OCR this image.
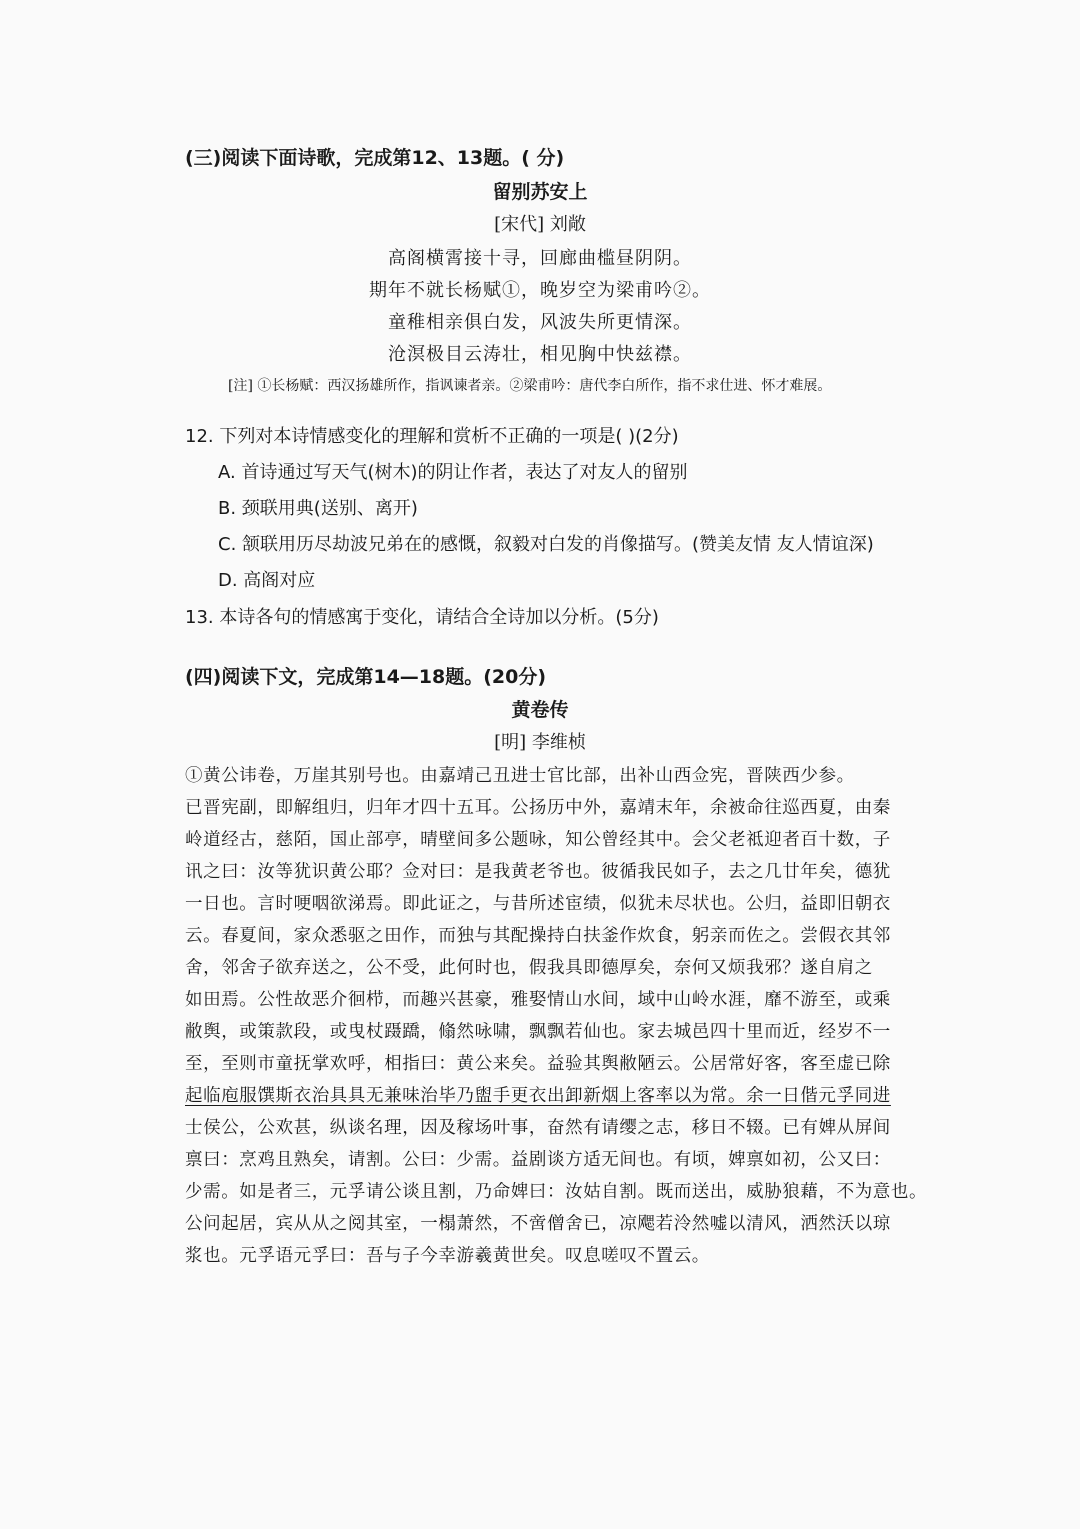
(三)阅读下面诗歌，完成第12、13题。( 分)
留别苏安上
[宋代] 刘敞
高阁横霄接十寻，回廊曲槛昼阴阴。
期年不就长杨赋①，晚岁空为梁甫吟②。
童稚相亲俱白发，风波失所更情深。
沧溟极目云涛壮，相见胸中快兹襟。
[注] ①长杨赋：西汉扬雄所作，指讽谏者亲。②梁甫吟：唐代李白所作，指不求仕进、怀才难展。
12. 下列对本诗情感变化的理解和赏析不正确的一项是( )(2分)
A. 首诗通过写天气(树木)的阴让作者，表达了对友人的留别
B. 颈联用典(送别、离开)
C. 颔联用历尽劫波兄弟在的感慨，叙毅对白发的肖像描写。(赞美友情 友人情谊深)
D. 高阁对应
13. 本诗各句的情感寓于变化，请结合全诗加以分析。(5分)
(四)阅读下文，完成第14—18题。(20分)
黄卷传
[明] 李维桢
①黄公讳卷，万崖其别号也。由嘉靖己丑进士官比部，出补山西佥宪，晋陕西少参。
已晋宪副，即解组归，归年才四十五耳。公扬历中外，嘉靖末年，余被命往巡西夏，由秦
岭道经古，慈陌，国止部亭，晴壁间多公题咏，知公曾经其中。会父老祗迎者百十数，子
讯之曰：汝等犹识黄公耶？佥对曰：是我黄老爷也。彼循我民如子，去之几廿年矣，德犹
一日也。言时哽咽欲涕焉。即此证之，与昔所述宦绩，似犹未尽状也。公归，益即旧朝衣
云。春夏间，家众悉驱之田作，而独与其配操持白扶釜作炊食，躬亲而佐之。尝假衣其邻
舍，邻舍子欲弃送之，公不受，此何时也，假我具即德厚矣，奈何又烦我邪？遂自肩之
如田焉。公性故恶介徊栉，而趣兴甚豪，雅娶情山水间，域中山岭水涯，靡不游至，或乘
敝舆，或策款段，或曳杖蹑蹻，翛然咏啸，飘飘若仙也。家去城邑四十里而近，经岁不一
至，至则市童抚掌欢呼，相指曰：黄公来矣。益验其舆敝陋云。公居常好客，客至虚已除
起临庖服馔斯衣治具具无兼味治毕乃盥手更衣出卸新烟上客率以为常。余一日偕元孚同进
士侯公，公欢甚，纵谈名理，因及稼场叶事，奋然有请缨之志，移日不辍。已有婢从屏间
禀曰：烹鸡且熟矣，请割。公曰：少需。益剧谈方适无间也。有顷，婢禀如初，公又曰：
少需。如是者三，元孚请公谈且割，乃命婢曰：汝姑自割。既而送出，威胁狼藉，不为意也。
公问起居，宾从从之阅其室，一榻萧然，不啻僧舍已，凉飔若泠然嘘以清风，洒然沃以琼
浆也。元孚语元孚曰：吾与子今幸游羲黄世矣。叹息嗟叹不置云。
